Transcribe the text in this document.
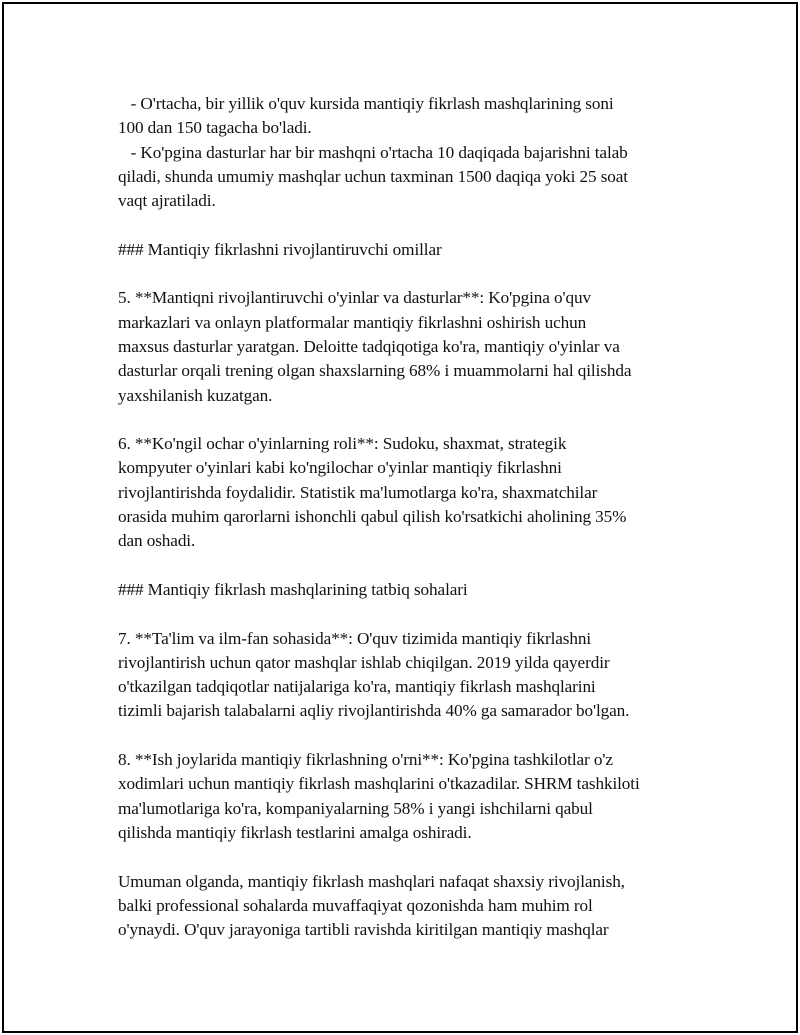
- O'rtacha, bir yillik o'quv kursida mantiqiy fikrlash mashqlarining soni
100 dan 150 tagacha bo'ladi.
- Ko'pgina dasturlar har bir mashqni o'rtacha 10 daqiqada bajarishni talab
qiladi, shunda umumiy mashqlar uchun taxminan 1500 daqiqa yoki 25 soat
vaqt ajratiladi.
### Mantiqiy fikrlashni rivojlantiruvchi omillar
5. **Mantiqni rivojlantiruvchi o'yinlar va dasturlar**: Ko'pgina o'quv
markazlari va onlayn platformalar mantiqiy fikrlashni oshirish uchun
maxsus dasturlar yaratgan. Deloitte tadqiqotiga ko'ra, mantiqiy o'yinlar va
dasturlar orqali trening olgan shaxslarning 68% i muammolarni hal qilishda
yaxshilanish kuzatgan.
6. **Ko'ngil ochar o'yinlarning roli**: Sudoku, shaxmat, strategik
kompyuter o'yinlari kabi ko'ngilochar o'yinlar mantiqiy fikrlashni
rivojlantirishda foydalidir. Statistik ma'lumotlarga ko'ra, shaxmatchilar
orasida muhim qarorlarni ishonchli qabul qilish ko'rsatkichi aholining 35%
dan oshadi.
### Mantiqiy fikrlash mashqlarining tatbiq sohalari
7. **Ta'lim va ilm-fan sohasida**: O'quv tizimida mantiqiy fikrlashni
rivojlantirish uchun qator mashqlar ishlab chiqilgan. 2019 yilda qayerdir
o'tkazilgan tadqiqotlar natijalariga ko'ra, mantiqiy fikrlash mashqlarini
tizimli bajarish talabalarni aqliy rivojlantirishda 40% ga samarador bo'lgan.
8. **Ish joylarida mantiqiy fikrlashning o'rni**: Ko'pgina tashkilotlar o'z
xodimlari uchun mantiqiy fikrlash mashqlarini o'tkazadilar. SHRM tashkiloti
ma'lumotlariga ko'ra, kompaniyalarning 58% i yangi ishchilarni qabul
qilishda mantiqiy fikrlash testlarini amalga oshiradi.
Umuman olganda, mantiqiy fikrlash mashqlari nafaqat shaxsiy rivojlanish,
balki professional sohalarda muvaffaqiyat qozonishda ham muhim rol
o'ynaydi. O'quv jarayoniga tartibli ravishda kiritilgan mantiqiy mashqlar
